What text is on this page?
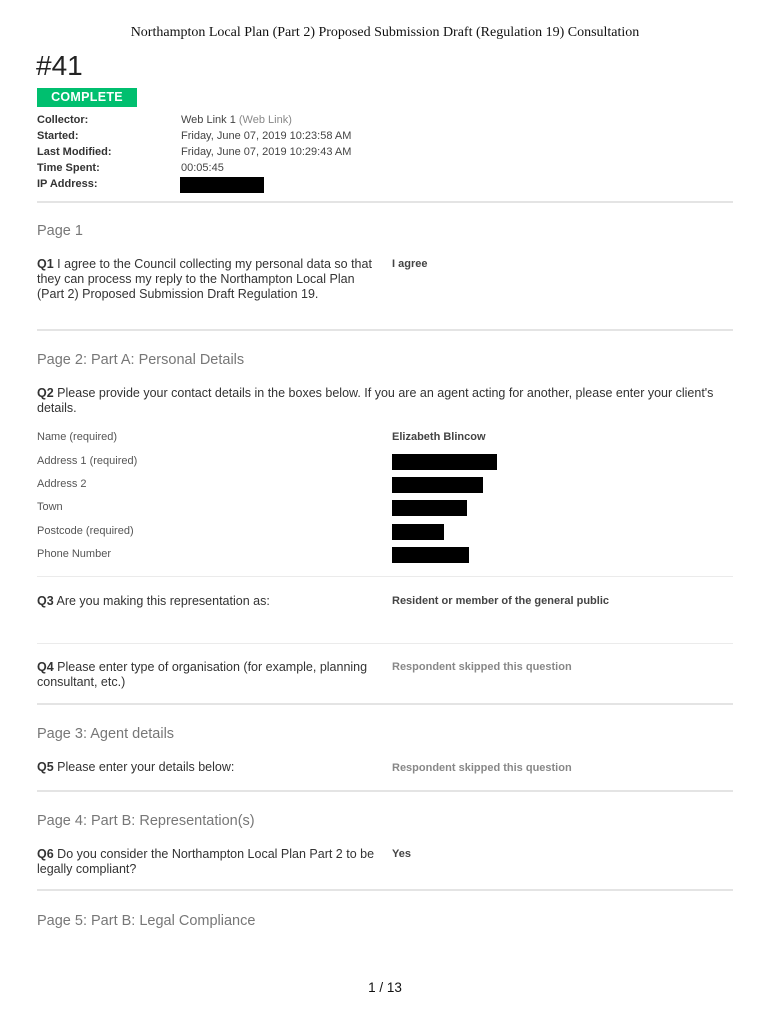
Northampton Local Plan (Part 2) Proposed Submission Draft (Regulation 19) Consultation
#41
COMPLETE
Collector:	Web Link 1 (Web Link)
Started:	Friday, June 07, 2019 10:23:58 AM
Last Modified:	Friday, June 07, 2019 10:29:43 AM
Time Spent:	00:05:45
IP Address:
Page 1
Q1 I agree to the Council collecting my personal data so that they can process my reply to the Northampton Local Plan (Part 2) Proposed Submission Draft Regulation 19.
I agree
Page 2: Part A: Personal Details
Q2 Please provide your contact details in the boxes below. If you are an agent acting for another, please enter your client's details.
Name (required)	Elizabeth Blincow
Address 1 (required)
Address 2
Town
Postcode (required)
Phone Number
Q3 Are you making this representation as:	Resident or member of the general public
Q4 Please enter type of organisation (for example, planning consultant, etc.)
Respondent skipped this question
Page 3: Agent details
Q5 Please enter your details below:	Respondent skipped this question
Page 4: Part B: Representation(s)
Q6 Do you consider the Northampton Local Plan Part 2 to be legally compliant?
Yes
Page 5: Part B: Legal Compliance
1 / 13
